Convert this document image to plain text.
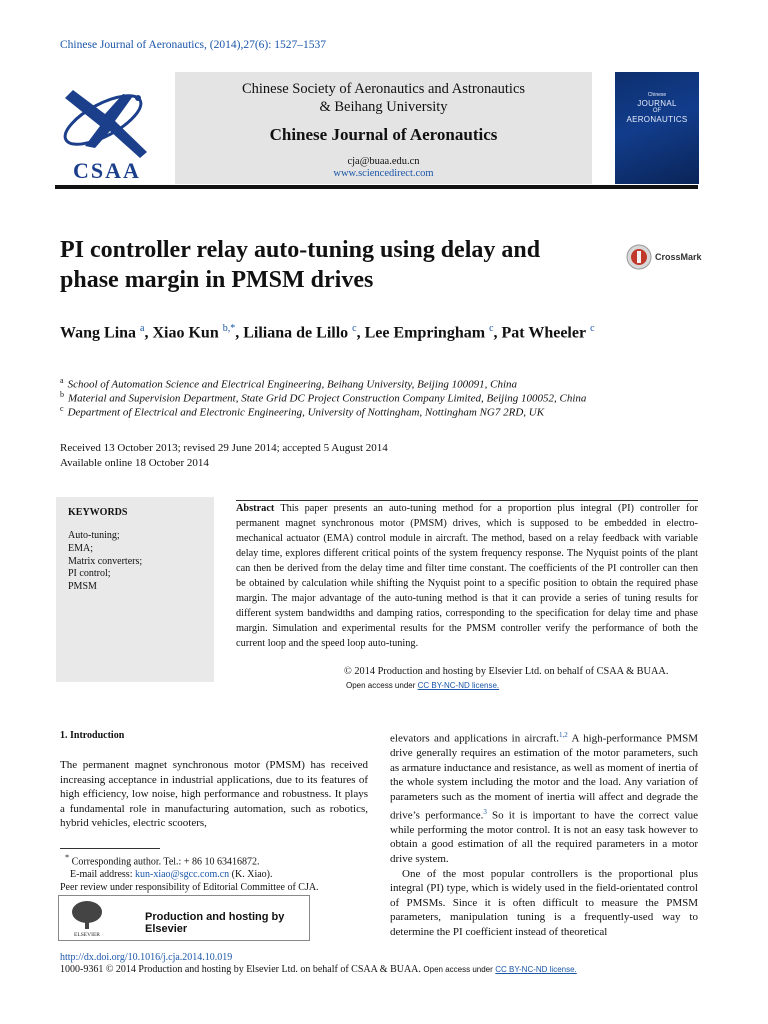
Chinese Journal of Aeronautics, (2014),27(6): 1527–1537
CSAA
Chinese Society of Aeronautics and Astronautics
& Beihang University
Chinese Journal of Aeronautics
cja@buaa.edu.cn
www.sciencedirect.com
Chinese
JOURNAL
OF
AERONAUTICS
PI controller relay auto-tuning using delay and phase margin in PMSM drives
CrossMark
Wang Lina $^a$, Xiao Kun $^{b,*}$, Liliana de Lillo $^c$, Lee Empringham $^c$, Pat Wheeler $^c$
$^a$ School of Automation Science and Electrical Engineering, Beihang University, Beijing 100091, China
$^b$ Material and Supervision Department, State Grid DC Project Construction Company Limited, Beijing 100052, China
$^c$ Department of Electrical and Electronic Engineering, University of Nottingham, Nottingham NG7 2RD, UK
Received 13 October 2013; revised 29 June 2014; accepted 5 August 2014
Available online 18 October 2014
KEYWORDS
Auto-tuning;
EMA;
Matrix converters;
PI control;
PMSM
Abstract This paper presents an auto-tuning method for a proportion plus integral (PI) controller for permanent magnet synchronous motor (PMSM) drives, which is supposed to be embedded in electro-mechanical actuator (EMA) control module in aircraft. The method, based on a relay feedback with variable delay time, explores different critical points of the system frequency response. The Nyquist points of the plant can then be derived from the delay time and filter time constant. The coefficients of the PI controller can then be obtained by calculation while shifting the Nyquist point to a specific position to obtain the required phase margin. The major advantage of the auto-tuning method is that it can provide a series of tuning results for different system bandwidths and damping ratios, corresponding to the specification for delay time and phase margin. Simulation and experimental results for the PMSM controller verify the performance of both the current loop and the speed loop auto-tuning.
© 2014 Production and hosting by Elsevier Ltd. on behalf of CSAA & BUAA.
Open access under CC BY-NC-ND license.
1. Introduction
The permanent magnet synchronous motor (PMSM) has received increasing acceptance in industrial applications, due to its features of high efficiency, low noise, high performance and robustness. It plays a fundamental role in manufacturing automation, such as robotics, hybrid vehicles, electric scooters,

elevators and applications in aircraft.$^{1,2}$ A high-performance PMSM drive generally requires an estimation of the motor parameters, such as armature inductance and resistance, as well as moment of inertia of the whole system including the motor and the load. Any variation of parameters such as the moment of inertia will affect and degrade the drive’s performance.$^3$ So it is important to have the correct value while performing the motor control. It is not an easy task however to obtain a good estimation of all the required parameters in a motor drive system.

One of the most popular controllers is the proportional plus integral (PI) type, which is widely used in the field-orientated control of PMSMs. Since it is often difficult to measure the PMSM parameters, manipulation tuning is a frequently-used way to determine the PI coefficient instead of theoretical

* Corresponding author. Tel.: + 86 10 63416872.
E-mail address: kun-xiao@sgcc.com.cn (K. Xiao).
Peer review under responsibility of Editorial Committee of CJA.
ELSEVIER
Production and hosting by Elsevier
http://dx.doi.org/10.1016/j.cja.2014.10.019
1000-9361 © 2014 Production and hosting by Elsevier Ltd. on behalf of CSAA & BUAA. Open access under CC BY-NC-ND license.
